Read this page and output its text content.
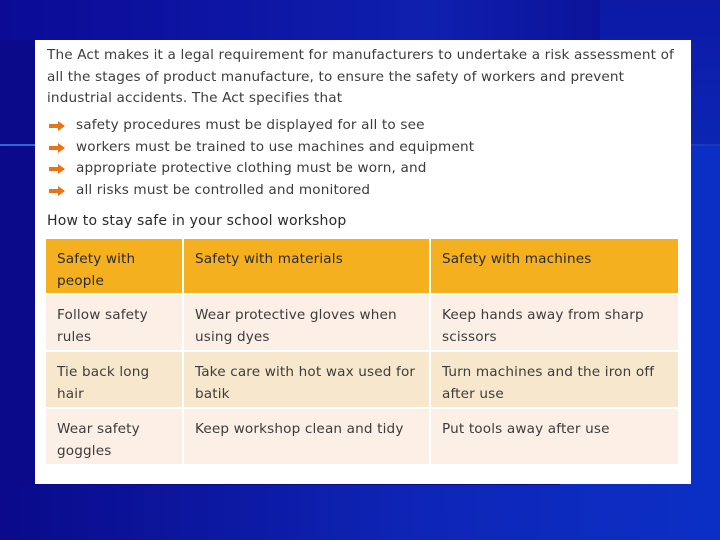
The Act makes it a legal requirement for manufacturers to undertake a risk assessment of all the stages of product manufacture, to ensure the safety of workers and prevent industrial accidents. The Act specifies that
safety procedures must be displayed for all to see
workers must be trained to use machines and equipment
appropriate protective clothing must be worn, and
all risks must be controlled and monitored
How to stay safe in your school workshop
Safety with people	Safety with materials	Safety with machines
Follow safety rules	Wear protective gloves when using dyes	Keep hands away from sharp scissors
Tie back long hair	Take care with hot wax used for batik	Turn machines and the iron off after use
Wear safety goggles	Keep workshop clean and tidy	Put tools away after use
